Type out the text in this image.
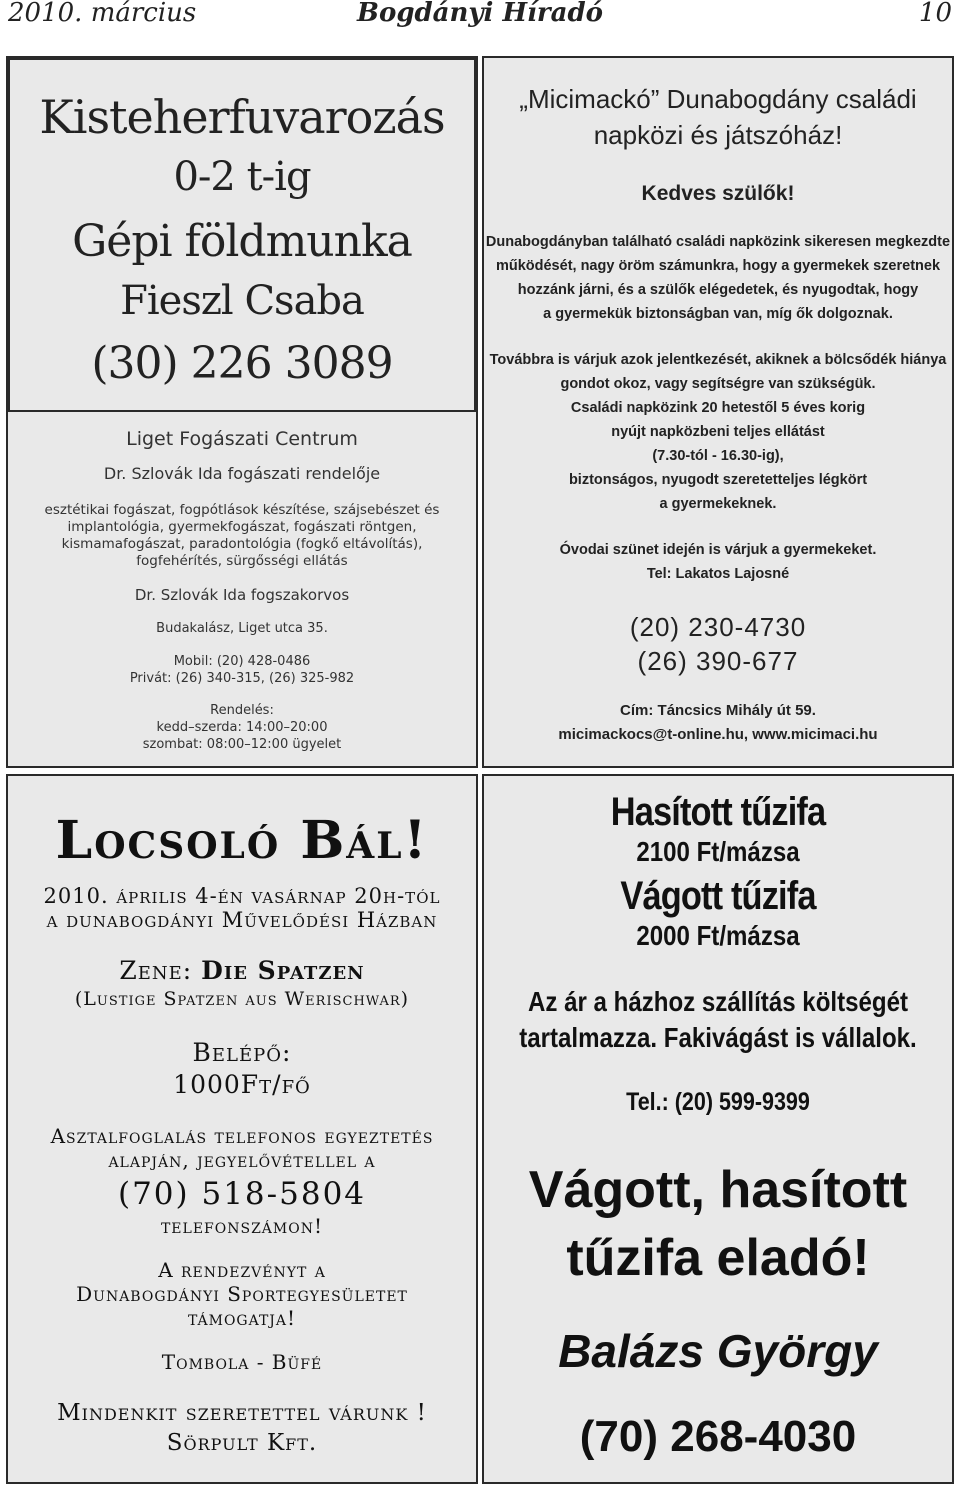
Bogdányi Híradó
2010. március	10
Kisteherfuvarozás
0-2 t-ig
Gépi földmunka
Fieszl Csaba
(30) 226 3089
Liget Fogászati Centrum
Dr. Szlovák Ida fogászati rendelője
esztétikai fogászat, fogpótlások készítése, szájsebészet és
implantológia, gyermekfogászat, fogászati röntgen,
kismamafogászat, paradontológia (fogkő eltávolítás),
fogfehérítés, sürgősségi ellátás
Dr. Szlovák Ida fogszakorvos
Budakalász, Liget utca 35.
Mobil: (20) 428-0486
Privát: (26) 340-315, (26) 325-982
Rendelés:
kedd–szerda: 14:00–20:00
szombat: 08:00–12:00 ügyelet
„Micimackó” Dunabogdány családi
napközi és játszóház!
Kedves szülők!
Dunabogdányban található családi napközink sikeresen megkezdte
működését, nagy öröm számunkra, hogy a gyermekek szeretnek
hozzánk járni, és a szülők elégedetek, és nyugodtak, hogy
a gyermekük biztonságban van, míg ők dolgoznak.
Továbbra is várjuk azok jelentkezését, akiknek a bölcsődék hiánya
gondot okoz, vagy segítségre van szükségük.
Családi napközink 20 hetestől 5 éves korig
nyújt napközbeni teljes ellátást
(7.30-tól - 16.30-ig),
biztonságos, nyugodt szeretetteljes légkört
a gyermekeknek.
Óvodai szünet idején is várjuk a gyermekeket.
Tel: Lakatos Lajosné
(20) 230-4730
(26) 390-677
Cím: Táncsics Mihály út 59.
micimackocs@t-online.hu, www.micimaci.hu
Locsoló Bál!
2010. április 4-én vasárnap 20h-tól
a dunabogdányi Művelődési Házban
Zene: Die Spatzen
(Lustige Spatzen aus Werischwar)
Belépő:
1000Ft/fő
Asztalfoglalás telefonos egyeztetés
alapján, jegyelővétellel a
(70) 518-5804
telefonszámon!
A rendezvényt a
Dunabogdányi Sportegyesületet
támogatja!
Tombola - Büfé
Mindenkit szeretettel várunk !
Sörpult Kft.
Hasított tűzifa
2100 Ft/mázsa
Vágott tűzifa
2000 Ft/mázsa
Az ár a házhoz szállítás költségét
tartalmazza. Fakivágást is vállalok.
Tel.: (20) 599-9399
Vágott, hasított
tűzifa eladó!
Balázs György
(70) 268-4030
